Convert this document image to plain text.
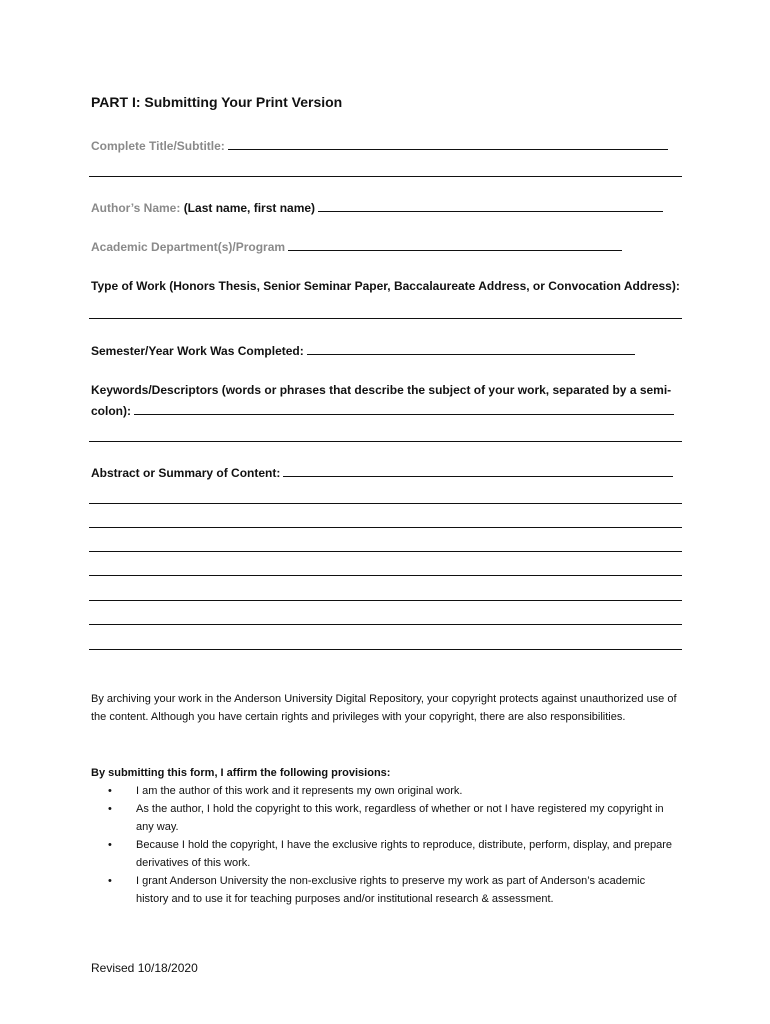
PART I: Submitting Your Print Version
Complete Title/Subtitle:
Author’s Name: (Last name, first name)
Academic Department(s)/Program
Type of Work (Honors Thesis, Senior Seminar Paper, Baccalaureate Address, or Convocation Address):
Semester/Year Work Was Completed:
Keywords/Descriptors (words or phrases that describe the subject of your work, separated by a semi-
colon):
Abstract or Summary of Content:
By archiving your work in the Anderson University Digital Repository, your copyright protects against unauthorized use of the content. Although you have certain rights and privileges with your copyright, there are also responsibilities.
By submitting this form, I affirm the following provisions:
• I am the author of this work and it represents my own original work.
• As the author, I hold the copyright to this work, regardless of whether or not I have registered my copyright in any way.
• Because I hold the copyright, I have the exclusive rights to reproduce, distribute, perform, display, and prepare derivatives of this work.
• I grant Anderson University the non-exclusive rights to preserve my work as part of Anderson’s academic history and to use it for teaching purposes and/or institutional research & assessment.
Revised 10/18/2020
